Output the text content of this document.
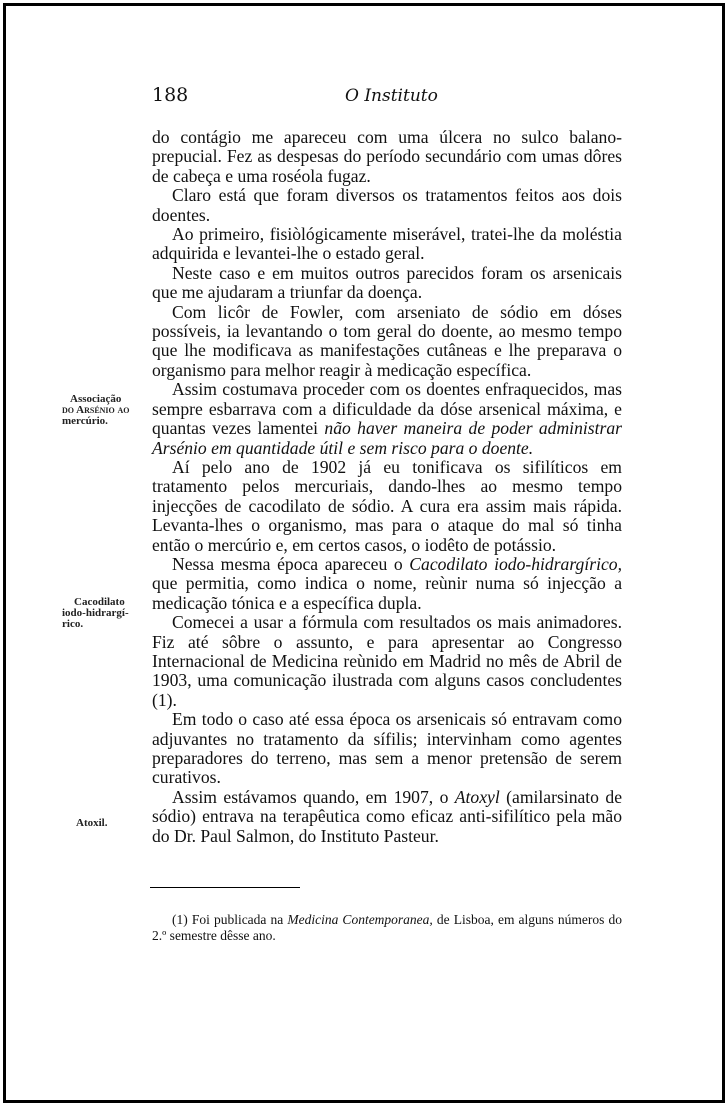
188	O Instituto

do contágio me apareceu com uma úlcera no sulco balano-prepucial. Fez as despesas do período secundário com umas dôres de cabeça e uma roséola fugaz.

Claro está que foram diversos os tratamentos feitos aos dois doentes.

Ao primeiro, fisiòlógicamente miserável, tratei-lhe da moléstia adquirida e levantei-lhe o estado geral.

Neste caso e em muitos outros parecidos foram os arsenicais que me ajudaram a triunfar da doença.

Com licôr de Fowler, com arseniato de sódio em dóses possíveis, ia levantando o tom geral do doente, ao mesmo tempo que lhe modificava as manifestações cutâneas e lhe preparava o organismo para melhor reagir à medicação específica.

Assim costumava proceder com os doentes enfraquecidos, mas sempre esbarrava com a dificuldade da dóse arsenical máxima, e quantas vezes lamentei não haver maneira de poder administrar Arsénio em quantidade útil e sem risco para o doente.

Aí pelo ano de 1902 já eu tonificava os sifilíticos em tratamento pelos mercuriais, dando-lhes ao mesmo tempo injecções de cacodilato de sódio. A cura era assim mais rápida. Levanta-lhes o organismo, mas para o ataque do mal só tinha então o mercúrio e, em certos casos, o iodêto de potássio.

Nessa mesma época apareceu o Cacodilato iodo-hidrargírico, que permitia, como indica o nome, reùnir numa só injecção a medicação tónica e a específica dupla.

Comecei a usar a fórmula com resultados os mais animadores. Fiz até sôbre o assunto, e para apresentar ao Congresso Internacional de Medicina reùnido em Madrid no mês de Abril de 1903, uma comunicação ilustrada com alguns casos concludentes (1).

Em todo o caso até essa época os arsenicais só entravam como adjuvantes no tratamento da sífilis; intervinham como agentes preparadores do terreno, mas sem a menor pretensão de serem curativos.

Assim estávamos quando, em 1907, o Atoxyl (amilarsinato de sódio) entrava na terapêutica como eficaz anti-sifilítico pela mão do Dr. Paul Salmon, do Instituto Pasteur.

Associação
do Arsénio ao
mercúrio.
Cacodilato
iodo-hidrargí-
rico.
Atoxil.

(1) Foi publicada na Medicina Contemporanea, de Lisboa, em alguns números do 2.º semestre dêsse ano.
